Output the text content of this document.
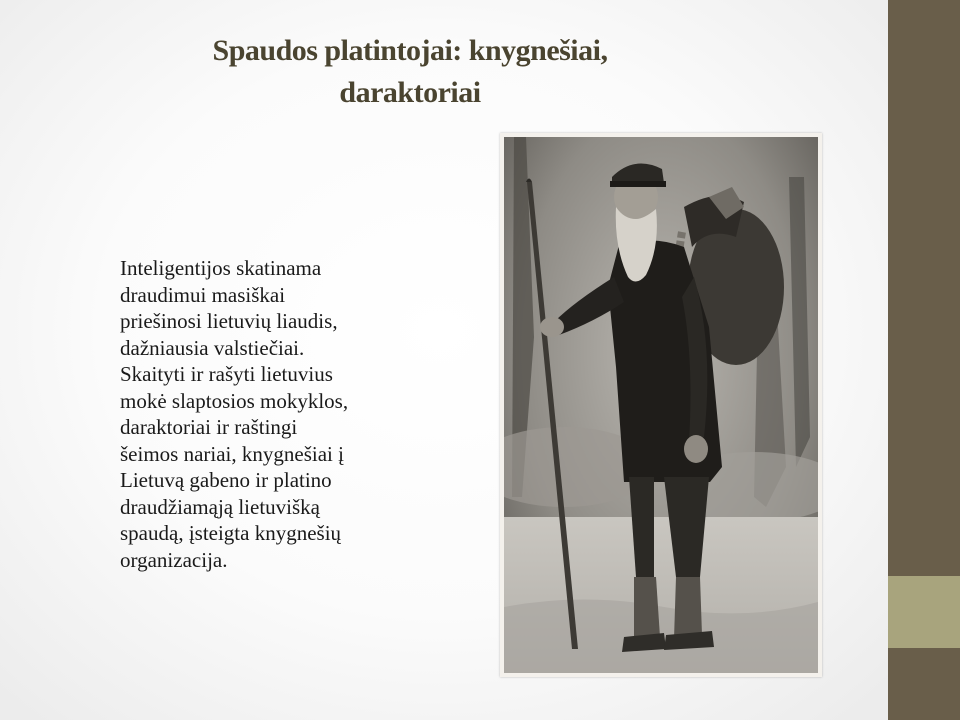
Spaudos platintojai: knygnešiai,
daraktoriai
Inteligentijos skatinama
draudimui masiškai
priešinosi lietuvių liaudis,
dažniausia valstiečiai.
Skaityti ir rašyti lietuvius
mokė slaptosios mokyklos,
daraktoriai ir raštingi
šeimos nariai, knygnešiai į
Lietuvą gabeno ir platino
draudžiamąją lietuvišką
spaudą, įsteigta knygnešių
organizacija.
